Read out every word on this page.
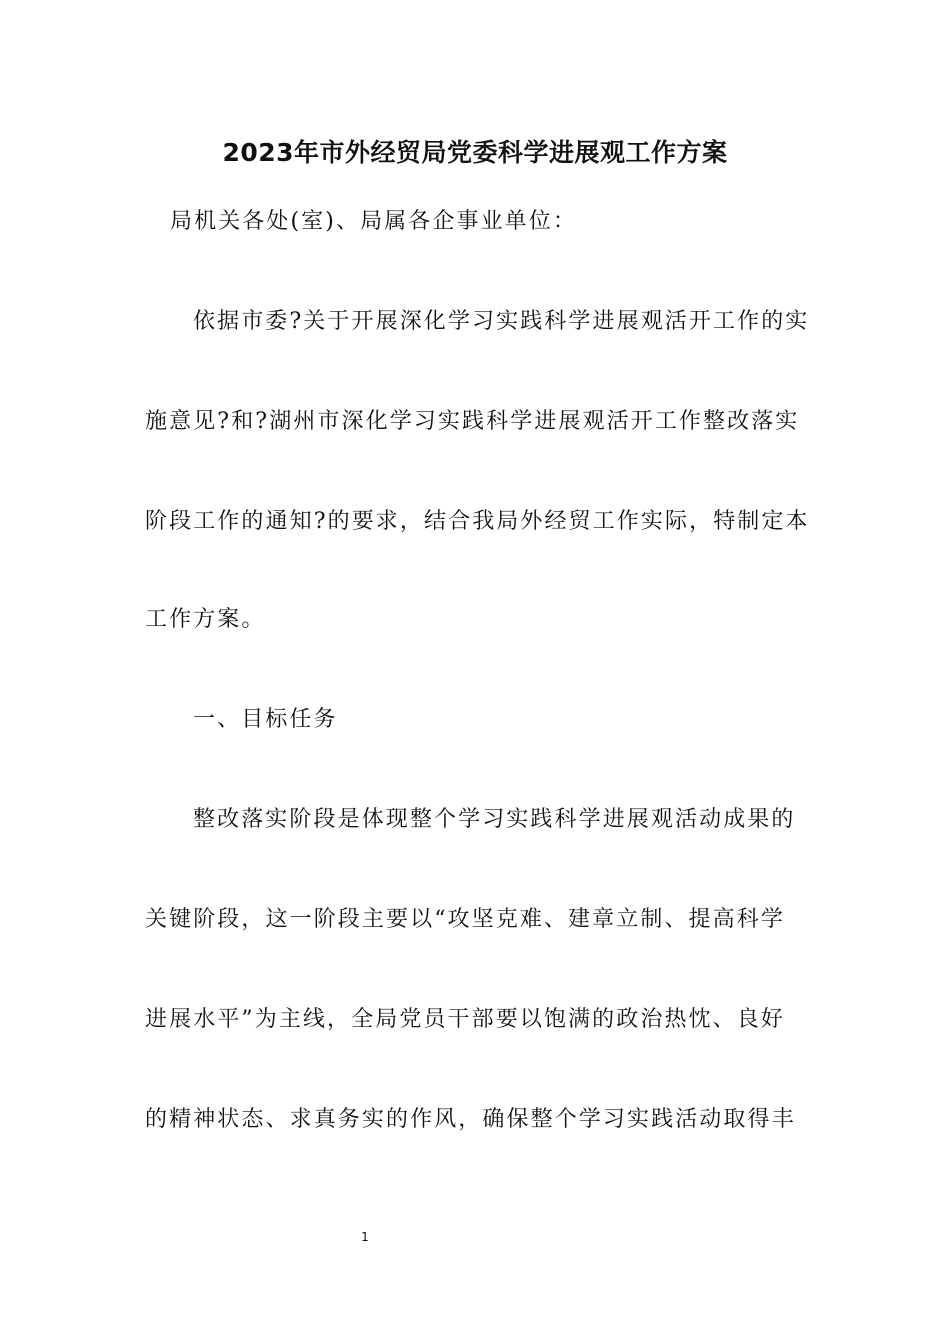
2023年市外经贸局党委科学进展观工作方案
局机关各处(室)、局属各企事业单位：
依据市委?关于开展深化学习实践科学进展观活开工作的实
施意见?和?湖州市深化学习实践科学进展观活开工作整改落实
阶段工作的通知?的要求，结合我局外经贸工作实际，特制定本
工作方案。
一、目标任务
整改落实阶段是体现整个学习实践科学进展观活动成果的
关键阶段，这一阶段主要以“攻坚克难、建章立制、提高科学
进展水平”为主线，全局党员干部要以饱满的政治热忱、良好
的精神状态、求真务实的作风，确保整个学习实践活动取得丰
1
